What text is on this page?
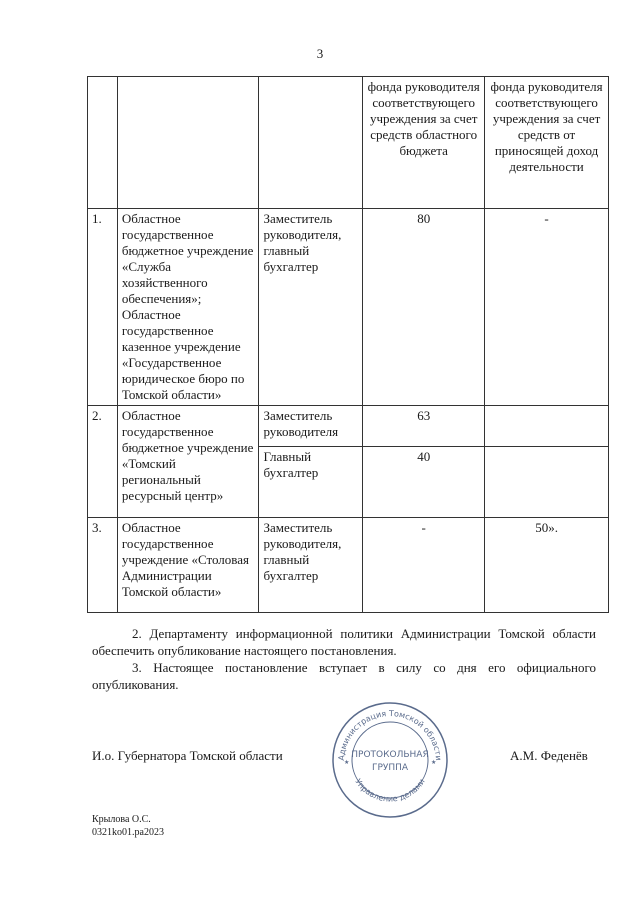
3
			фонда руководителя соответствующего учреждения за счет средств областного бюджета	фонда руководителя соответствующего учреждения за счет средств от приносящей доход деятельности
1.	Областное государственное бюджетное учреждение «Служба хозяйственного обеспечения»; Областное государственное казенное учреждение «Государственное юридическое бюро по Томской области»	Заместитель руководителя, главный бухгалтер	80	-
2.	Областное государственное бюджетное учреждение «Томский региональный ресурсный центр»	Заместитель руководителя	63	
		Главный бухгалтер	40	
3.	Областное государственное учреждение «Столовая Администрации Томской области»	Заместитель руководителя, главный бухгалтер	-	50».
2. Департаменту информационной политики Администрации Томской области обеспечить опубликование настоящего постановления.
3. Настоящее постановление вступает в силу со дня его официального опубликования.
И.о. Губернатора Томской области	Администрация Томской области
Управление делами
ПРОТОКОЛЬНАЯ
ГРУППА
★	★	А.М. Феденёв
Крылова О.С.
0321ko01.pa2023
